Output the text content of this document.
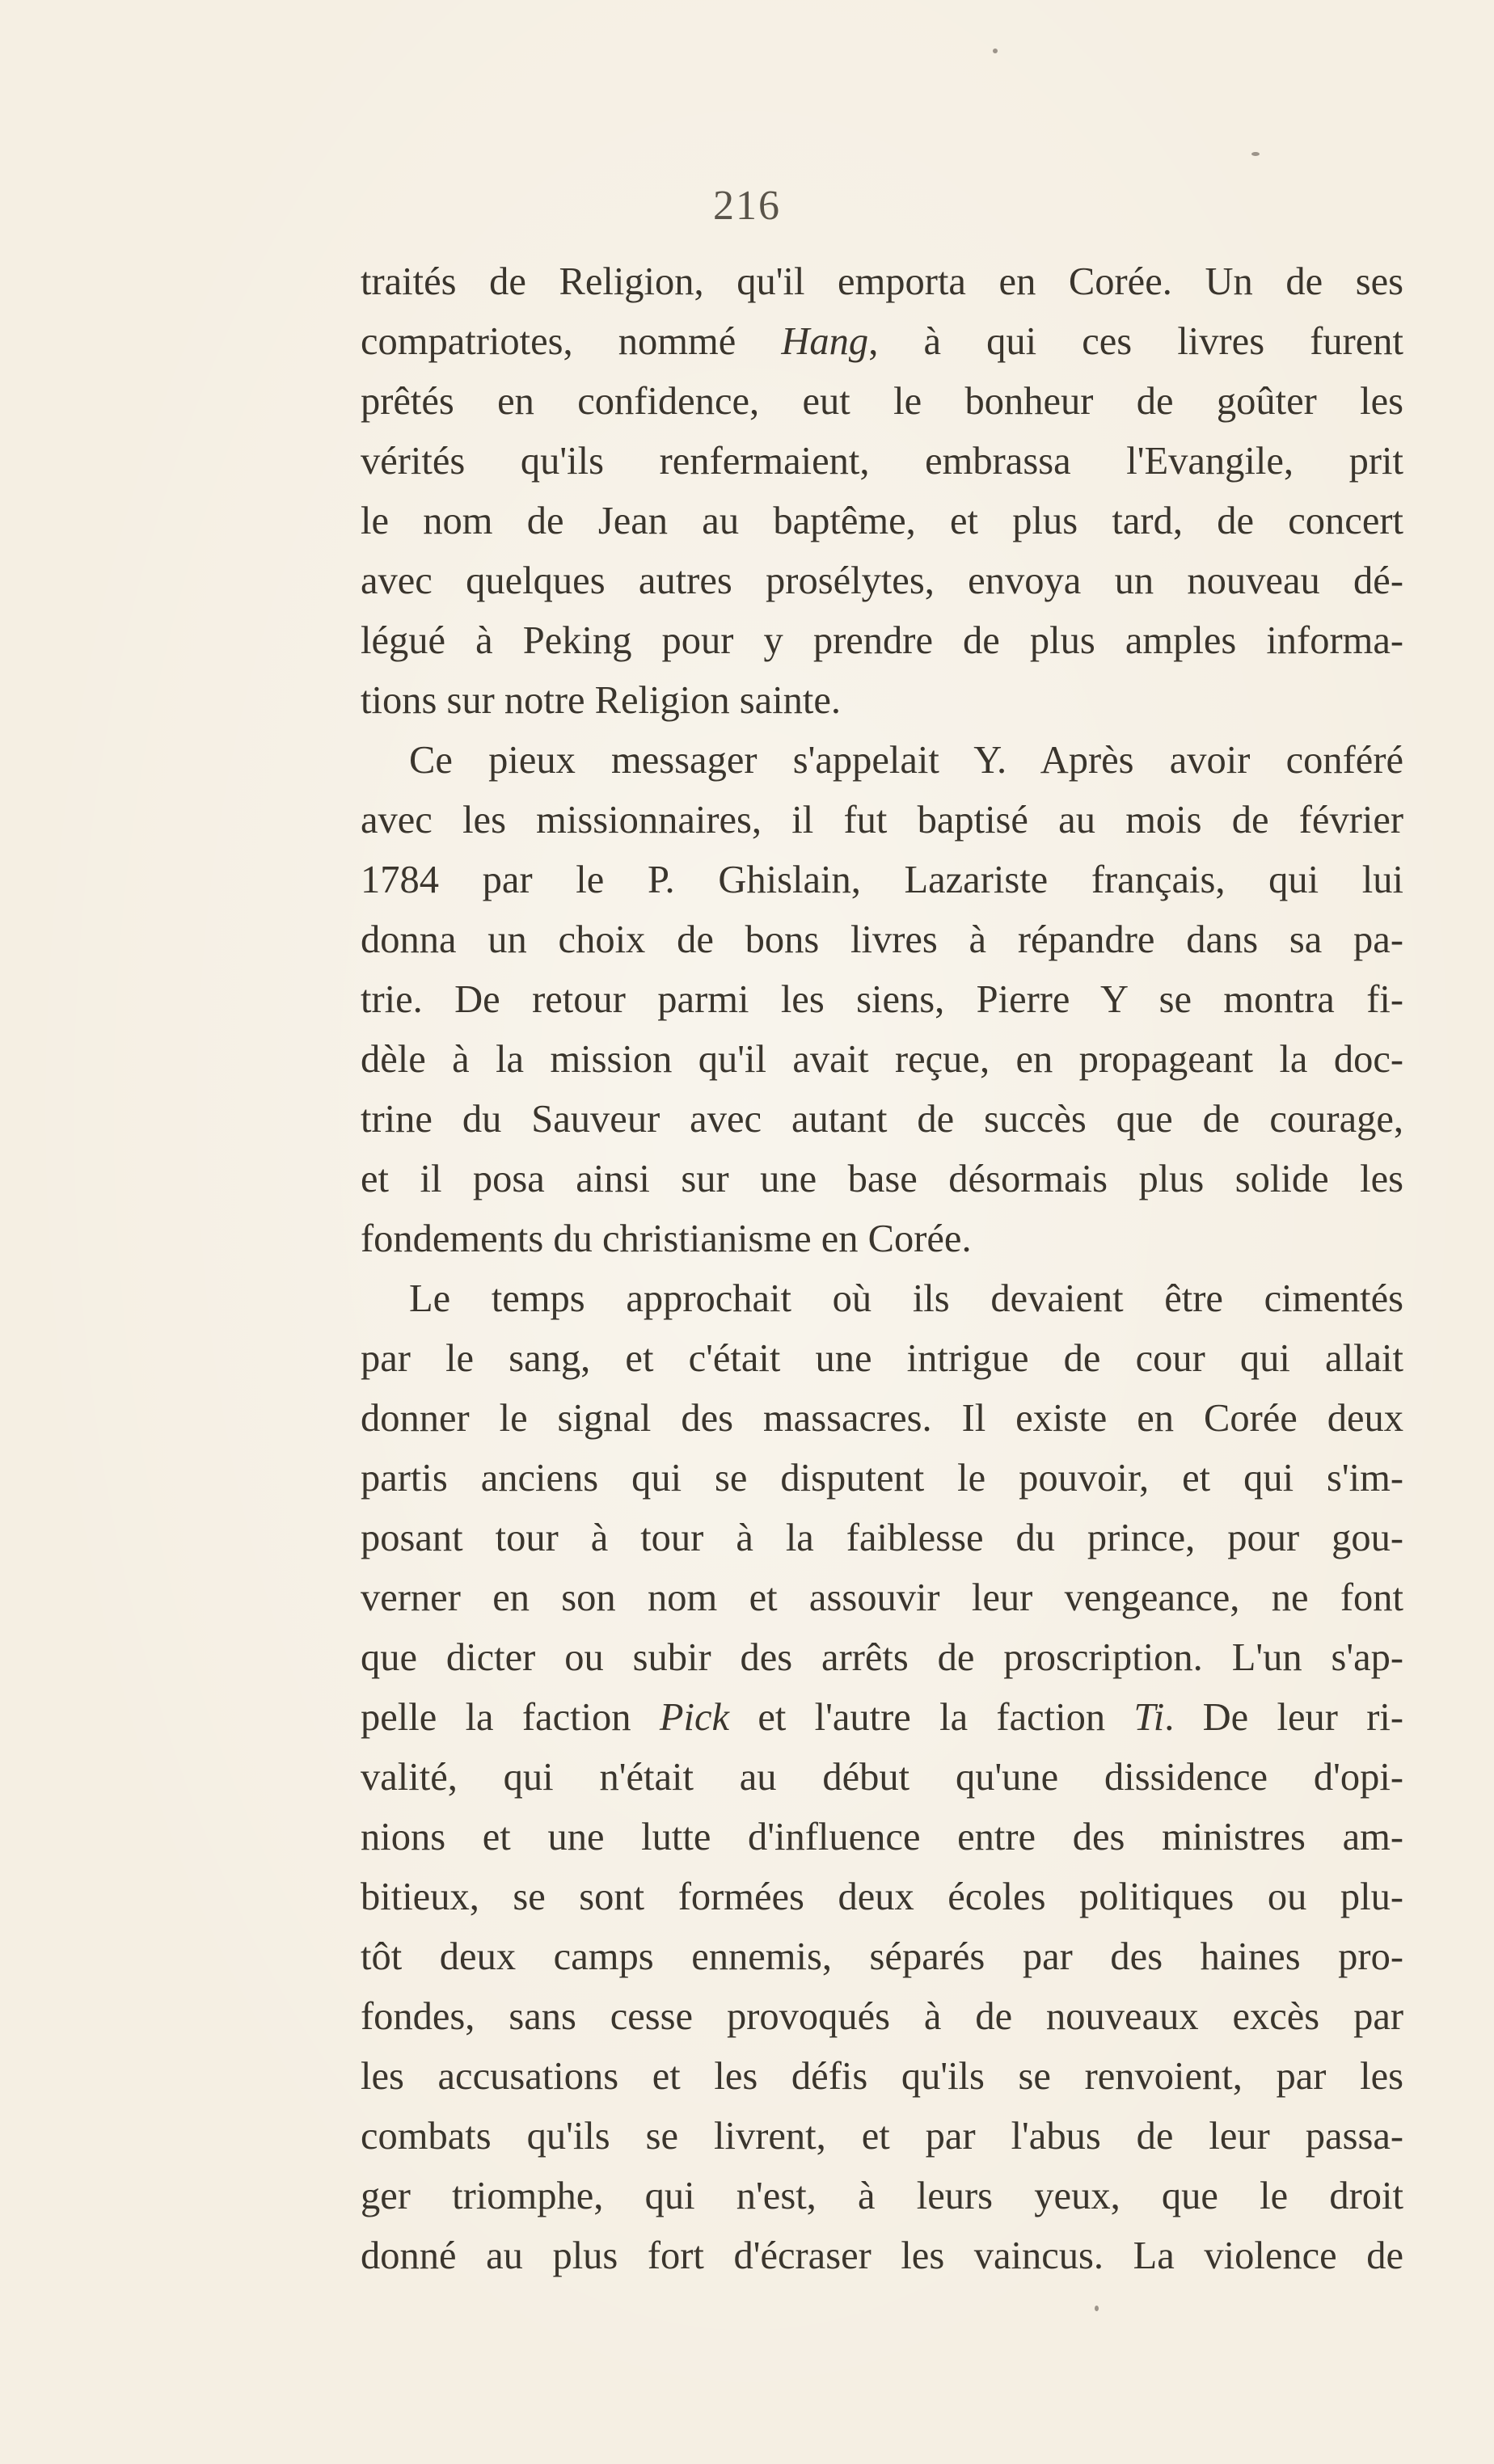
216
traités de Religion, qu'il emporta en Corée. Un de ses
compatriotes, nommé Hang, à qui ces livres furent
prêtés en confidence, eut le bonheur de goûter les
vérités qu'ils renfermaient, embrassa l'Evangile, prit
le nom de Jean au baptême, et plus tard, de concert
avec quelques autres prosélytes, envoya un nouveau dé-
légué à Peking pour y prendre de plus amples informa-
tions sur notre Religion sainte.
Ce pieux messager s'appelait Y. Après avoir conféré
avec les missionnaires, il fut baptisé au mois de février
1784 par le P. Ghislain, Lazariste français, qui lui
donna un choix de bons livres à répandre dans sa pa-
trie. De retour parmi les siens, Pierre Y se montra fi-
dèle à la mission qu'il avait reçue, en propageant la doc-
trine du Sauveur avec autant de succès que de courage,
et il posa ainsi sur une base désormais plus solide les
fondements du christianisme en Corée.
Le temps approchait où ils devaient être cimentés
par le sang, et c'était une intrigue de cour qui allait
donner le signal des massacres. Il existe en Corée deux
partis anciens qui se disputent le pouvoir, et qui s'im-
posant tour à tour à la faiblesse du prince, pour gou-
verner en son nom et assouvir leur vengeance, ne font
que dicter ou subir des arrêts de proscription. L'un s'ap-
pelle la faction Pick et l'autre la faction Ti. De leur ri-
valité, qui n'était au début qu'une dissidence d'opi-
nions et une lutte d'influence entre des ministres am-
bitieux, se sont formées deux écoles politiques ou plu-
tôt deux camps ennemis, séparés par des haines pro-
fondes, sans cesse provoqués à de nouveaux excès par
les accusations et les défis qu'ils se renvoient, par les
combats qu'ils se livrent, et par l'abus de leur passa-
ger triomphe, qui n'est, à leurs yeux, que le droit
donné au plus fort d'écraser les vaincus. La violence de
